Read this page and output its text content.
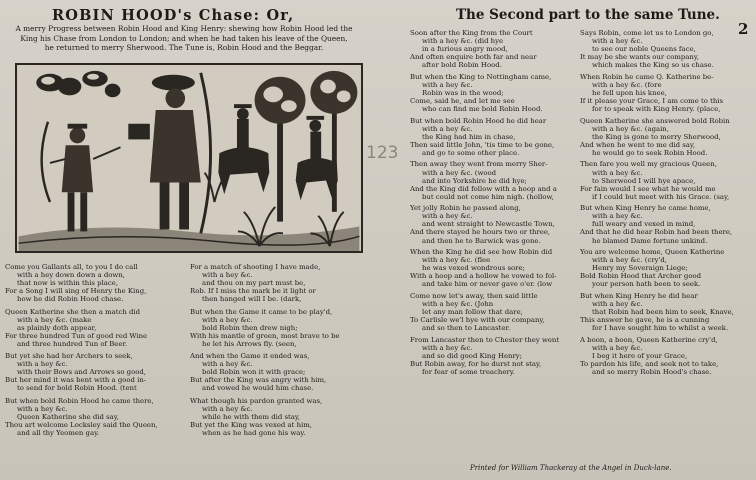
ROBIN HOOD's Chase: Or,	The Second part to the same Tune.
2
A merry Progress between Robin Hood and King Henry: shewing how Robin Hood led the
King his Chase from London to London; and when he had taken his leave of the Queen,
he returned to merry Sherwood. The Tune is, Robin Hood and the Beggar.
123
Come you Gallants all, to you I do call
with a hey down down a down,
that now is within this place,
For a Song I will sing of Henry the King,
how he did Robin Hood chase.
Queen Katherine she then a match did
with a hey &c. (make
as plainly doth appear,
For three hundred Tun of good red Wine
and three hundred Tun of Beer.
But yet she had her Archers to seek,
with a hey &c.
with their Bows and Arrows so good,
But her mind it was bent with a good in-
to send for bold Robin Hood. (tent
But when bold Robin Hood he came there,
with a hey &c.
Queen Katherine she did say,
Thou art welcome Locksley said the Queen,
and all thy Yeomen gay.
For a match of shooting I have made,
with a hey &c.
and thou on my part must be,
Rob. If I miss the mark be it light or
then hanged will I be. (dark,
But when the Game it came to be play'd,
with a hey &c.
bold Robin then drew nigh;
With his mantle of green, most brave to be
he let his Arrows fly. (seen,
And when the Game it ended was,
with a hey &c.
bold Robin won it with grace;
But after the King was angry with him,
and vowed he would him chase.
What though his pardon granted was,
with a hey &c.
while he with them did stay,
But yet the King was vexed at him,
when as he had gone his way.
Soon after the King from the Court
with a hey &c. (did hye
in a furious angry mood,
And often enquire both far and near
after bold Robin Hood.
But when the King to Nottingham came,
with a hey &c.
Robin was in the wood;
Come, said he, and let me see
who can find me bold Robin Hood.
But when bold Robin Hood he did hear
with a hey &c.
the King had him in chase,
Then said little John, 'tis time to be gone,
and go to some other place.
Then away they went from merry Sher-
with a hey &c. (wood
and into Yorkshire he did hye;
And the King did follow with a hoop and a
but could not come him nigh. (hollow,
Yet jolly Robin he passed along,
with a hey &c.
and went straight to Newcastle Town,
And there stayed he hours two or three,
and then he to Barwick was gone.
When the King he did see how Robin did
with a hey &c. (flee
he was vexed wondrous sore;
With a hoop and a hollow he vowed to fol-
and take him or never gave o'er. (low
Come now let's away, then said little
with a hey &c. (John
let any man follow that dare,
To Carlisle we'l hye with our company,
and so then to Lancaster.
From Lancaster then to Chester they went
with a hey &c.
and so did good King Henry;
But Robin away, for he durst not stay,
for fear of some treachery.
Says Robin, come let us to London go,
with a hey &c.
to see our noble Queens face,
It may be she wants our company,
which makes the King so us chase.
When Robin he came Q. Katherine be-
with a hey &c. (fore
he fell upon his knee,
If it please your Grace, I am come to this
for to speak with King Henry. (place,
Queen Katherine she answered bold Robin
with a hey &c. (again,
the King is gone to merry Sherwood,
And when he went to me did say,
he would go to seek Robin Hood.
Then fare you well my gracious Queen,
with a hey &c.
to Sherwood I will hye apace,
For fain would I see what he would me
if I could but meet with his Grace. (say,
But when King Henry he came home,
with a hey &c.
full weary and vexed in mind,
And that he did hear Robin had been there,
he blamed Dame fortune unkind.
You are welcome home, Queen Katherine
with a hey &c. (cry'd,
Henry my Soveraign Liege;
Bold Robin Hood that Archer good
your person hath been to seek.
But when King Henry he did hear
with a hey &c.
that Robin had been him to seek, Knave,
This answer he gave, he is a cunning
for I have sought him to whilst a week.
A boon, a boon, Queen Katherine cry'd,
with a hey &c.
I beg it here of your Grace,
To pardon his life, and seek not to take,
and so merry Robin Hood's chase.
Printed for William Thackeray at the Angel in Duck-lane.
